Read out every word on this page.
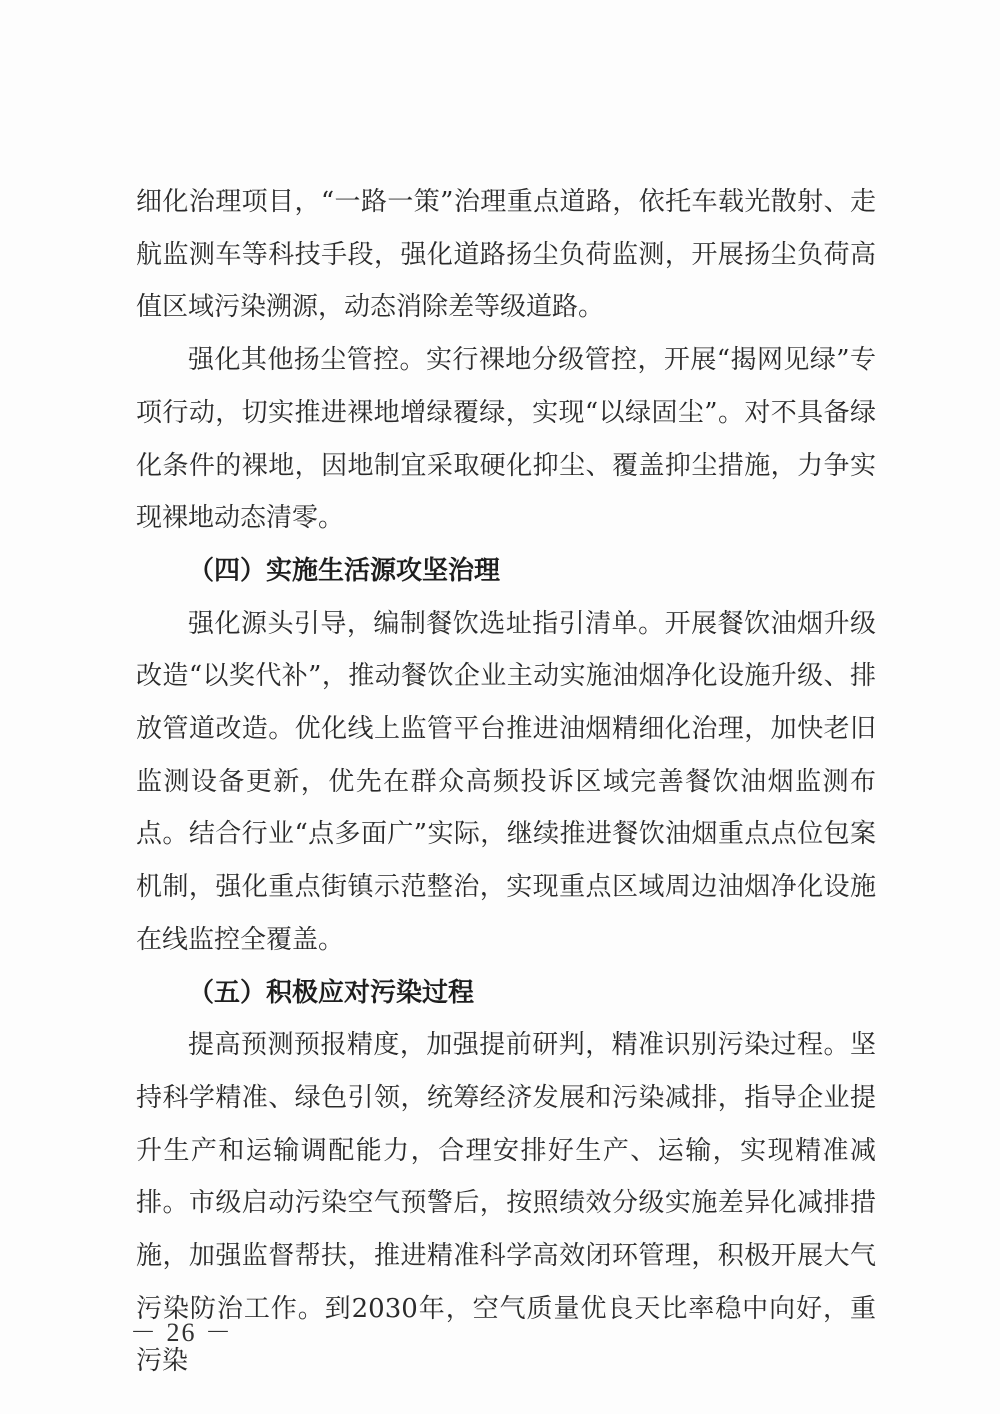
细化治理项目，“一路一策”治理重点道路，依托车载光散射、走航监测车等科技手段，强化道路扬尘负荷监测，开展扬尘负荷高值区域污染溯源，动态消除差等级道路。

强化其他扬尘管控。实行裸地分级管控，开展“揭网见绿”专项行动，切实推进裸地增绿覆绿，实现“以绿固尘”。对不具备绿化条件的裸地，因地制宜采取硬化抑尘、覆盖抑尘措施，力争实现裸地动态清零。

（四）实施生活源攻坚治理

强化源头引导，编制餐饮选址指引清单。开展餐饮油烟升级改造“以奖代补”，推动餐饮企业主动实施油烟净化设施升级、排放管道改造。优化线上监管平台推进油烟精细化治理，加快老旧监测设备更新，优先在群众高频投诉区域完善餐饮油烟监测布点。结合行业“点多面广”实际，继续推进餐饮油烟重点点位包案机制，强化重点街镇示范整治，实现重点区域周边油烟净化设施在线监控全覆盖。

（五）积极应对污染过程

提高预测预报精度，加强提前研判，精准识别污染过程。坚持科学精准、绿色引领，统筹经济发展和污染减排，指导企业提升生产和运输调配能力，合理安排好生产、运输，实现精准减排。市级启动污染空气预警后，按照绩效分级实施差异化减排措施，加强监督帮扶，推进精准科学高效闭环管理，积极开展大气污染防治工作。到2030年，空气质量优良天比率稳中向好，重污染

－ 26 －
